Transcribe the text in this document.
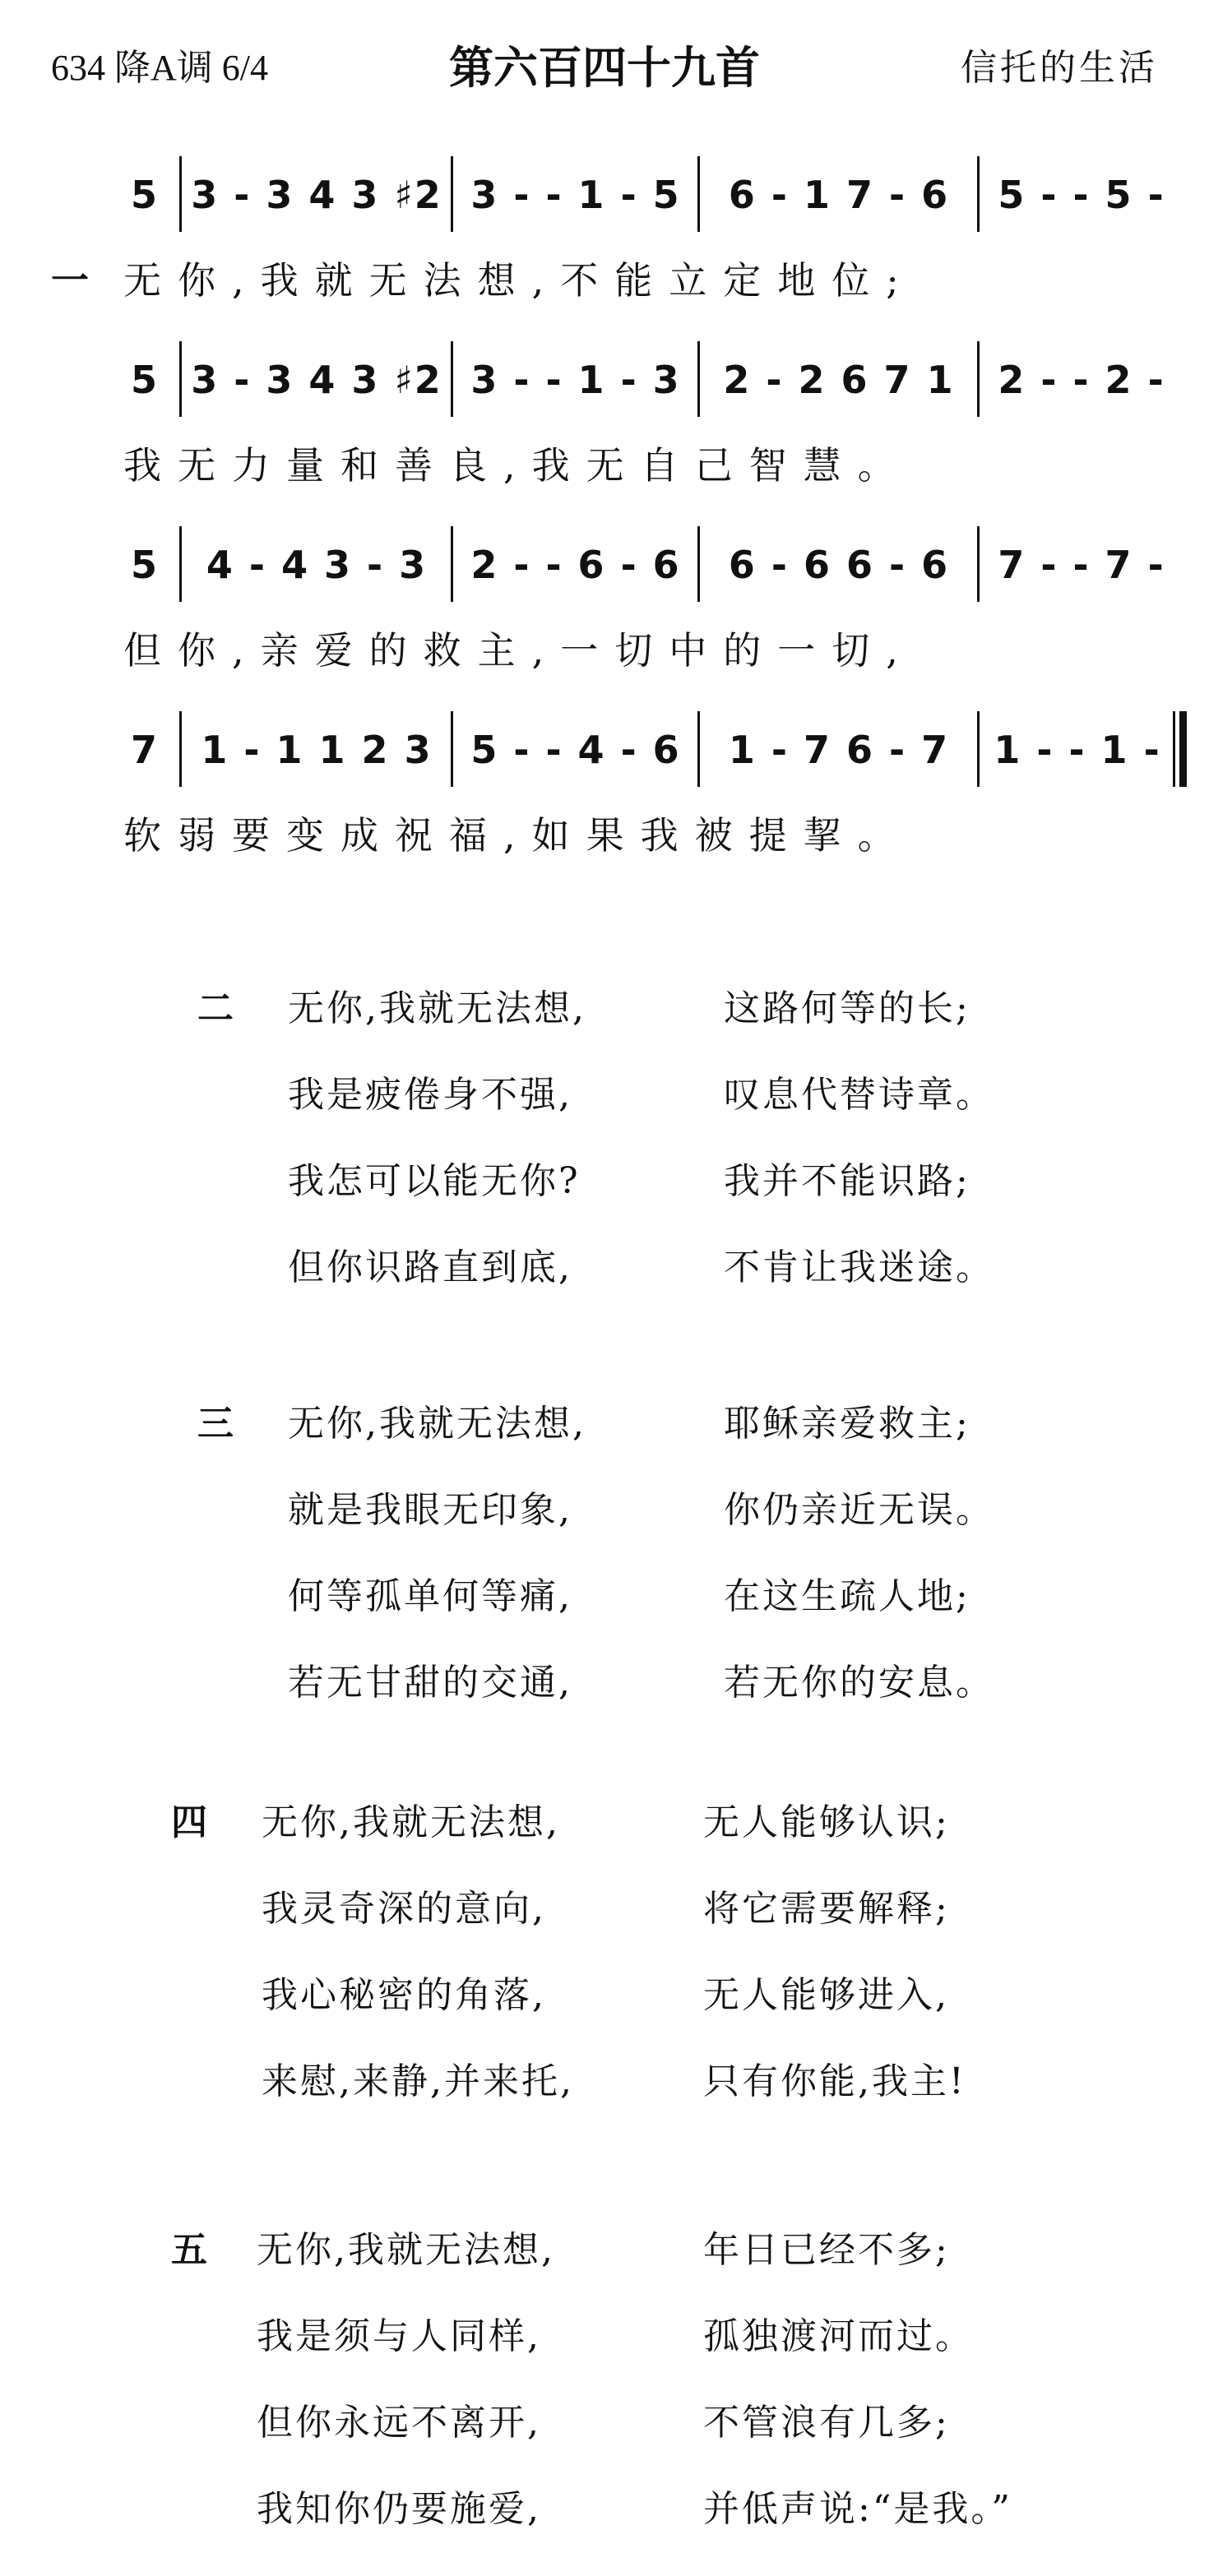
634 降A调 6/4	第六百四十九首	信托的生活
5 3 - 3 4 3 ♯2 3 - - 1 - 5	6 - 1 7 - 6	5 - - 5 -

一

无你,我就无法想,不能立定地位;

5 3 - 3 4 3 ♯2 3 - - 1 - 3	2 - 2 6 7 1	2 - - 2 -

我无力量和善良,我无自己智慧。

5	4 - 4 3 - 3	2 - - 6 - 6	6 - 6 6 - 6	7 - - 7 -

但你,亲爱的救主,一切中的一切,

7	1 - 1 1 2 3	5 - - 4 - 6	1 - 7 6 - 7	1 - - 1 -

软弱要变成祝福,如果我被提挈。

二 无你,我就无法想,	这路何等的长;
我是疲倦身不强,	叹息代替诗章。
我怎可以能无你?	我并不能识路;
但你识路直到底,	不肯让我迷途。
三 无你,我就无法想,	耶稣亲爱救主;
就是我眼无印象,	你仍亲近无误。
何等孤单何等痛,	在这生疏人地;
若无甘甜的交通,	若无你的安息。
四 无你,我就无法想,	无人能够认识;
我灵奇深的意向,	将它需要解释;
我心秘密的角落,	无人能够进入,
来慰,来静,并来托,	只有你能,我主!
五 无你,我就无法想,	年日已经不多;
我是须与人同样,	孤独渡河而过。
但你永远不离开,	不管浪有几多;
我知你仍要施爱,	并低声说:“是我。”
